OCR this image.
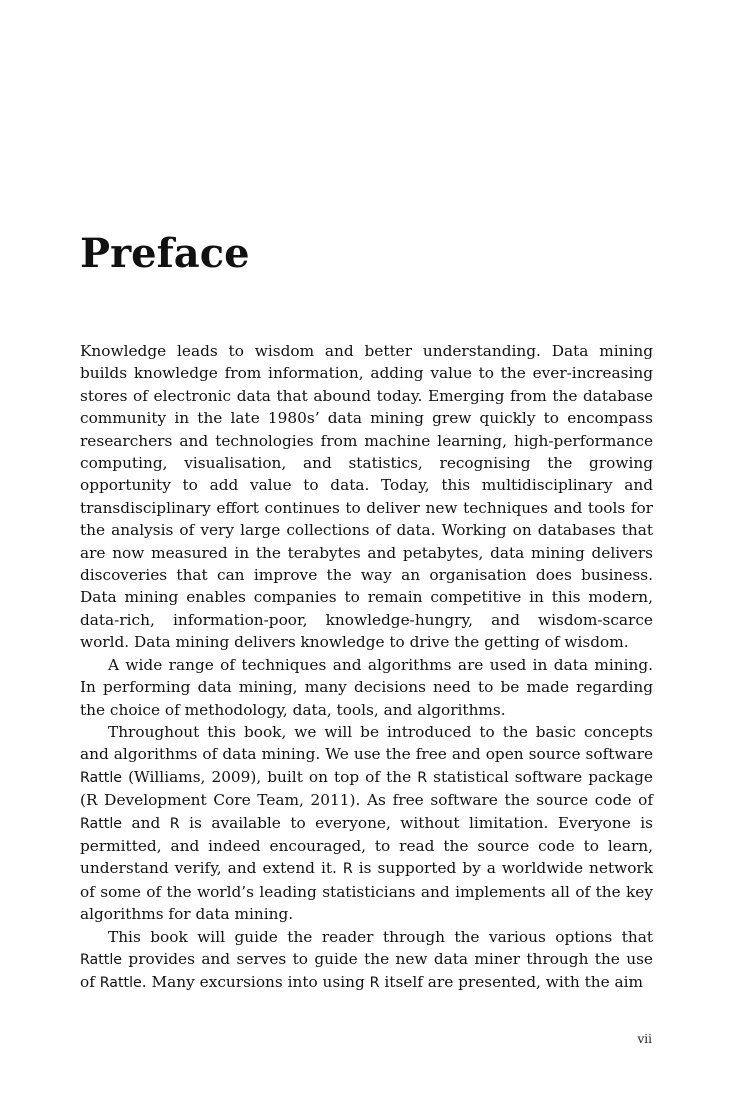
Preface

Knowledge leads to wisdom and better understanding. Data mining builds knowledge from information, adding value to the ever-increasing stores of electronic data that abound today. Emerging from the database community in the late 1980s’ data mining grew quickly to encompass researchers and technologies from machine learning, high-performance computing, visualisation, and statistics, recognising the growing opportunity to add value to data. Today, this multidisciplinary and transdisciplinary effort continues to deliver new techniques and tools for the analysis of very large collections of data. Working on databases that are now measured in the terabytes and petabytes, data mining delivers discoveries that can improve the way an organisation does business. Data mining enables companies to remain competitive in this modern, data-rich, information-poor, knowledge-hungry, and wisdom-scarce world. Data mining delivers knowledge to drive the getting of wisdom.

A wide range of techniques and algorithms are used in data mining. In performing data mining, many decisions need to be made regarding the choice of methodology, data, tools, and algorithms.

Throughout this book, we will be introduced to the basic concepts and algorithms of data mining. We use the free and open source software Rattle (Williams, 2009), built on top of the R statistical software package (R Development Core Team, 2011). As free software the source code of Rattle and R is available to everyone, without limitation. Everyone is permitted, and indeed encouraged, to read the source code to learn, understand verify, and extend it. R is supported by a worldwide network of some of the world’s leading statisticians and implements all of the key algorithms for data mining.

This book will guide the reader through the various options that Rattle provides and serves to guide the new data miner through the use of Rattle. Many excursions into using R itself are presented, with the aim

vii
